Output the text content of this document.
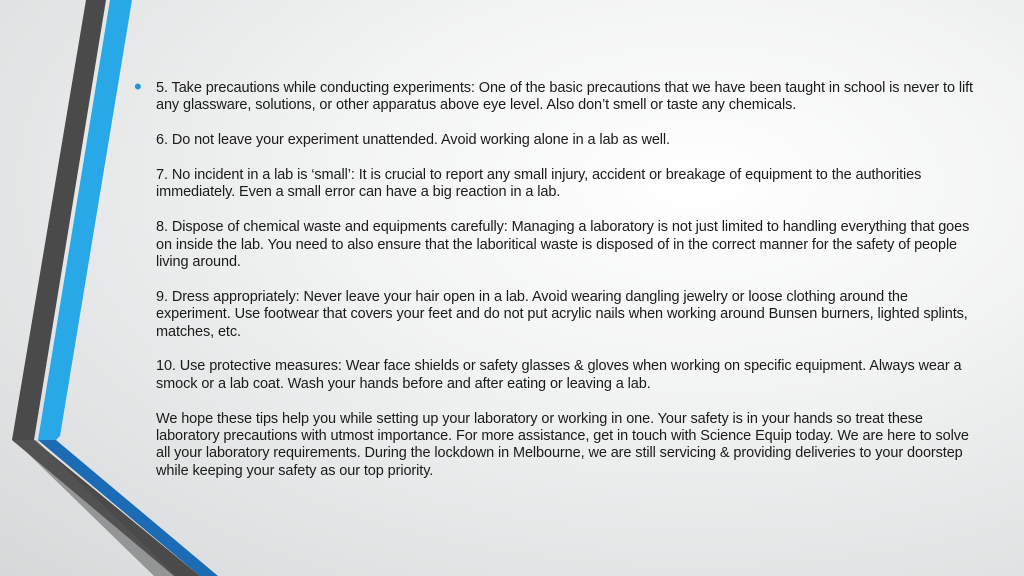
• 5. Take precautions while conducting experiments: One of the basic precautions that we have been taught in school is never to lift any glassware, solutions, or other apparatus above eye level. Also don’t smell or taste any chemicals.

6. Do not leave your experiment unattended. Avoid working alone in a lab as well.

7. No incident in a lab is ‘small’: It is crucial to report any small injury, accident or breakage of equipment to the authorities immediately. Even a small error can have a big reaction in a lab.

8. Dispose of chemical waste and equipments carefully: Managing a laboratory is not just limited to handling everything that goes on inside the lab. You need to also ensure that the laboritical waste is disposed of in the correct manner for the safety of people living around.

9. Dress appropriately: Never leave your hair open in a lab. Avoid wearing dangling jewelry or loose clothing around the experiment. Use footwear that covers your feet and do not put acrylic nails when working around Bunsen burners, lighted splints, matches, etc.

10. Use protective measures: Wear face shields or safety glasses & gloves when working on specific equipment. Always wear a smock or a lab coat. Wash your hands before and after eating or leaving a lab.

We hope these tips help you while setting up your laboratory or working in one. Your safety is in your hands so treat these laboratory precautions with utmost importance. For more assistance, get in touch with Science Equip today. We are here to solve all your laboratory requirements. During the lockdown in Melbourne, we are still servicing & providing deliveries to your doorstep while keeping your safety as our top priority.
